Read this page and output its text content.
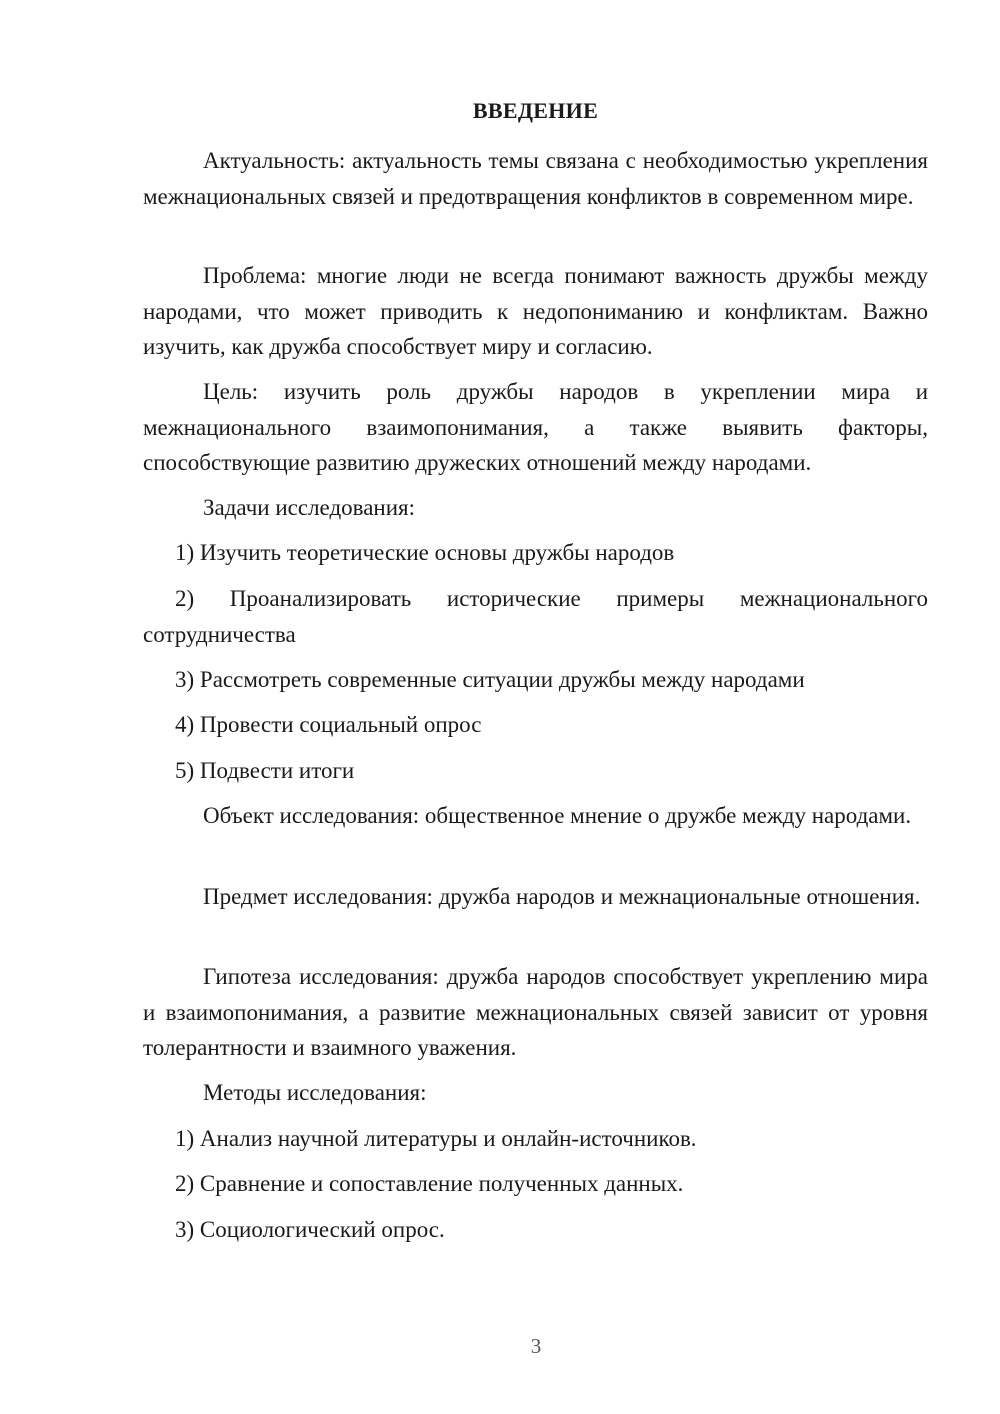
ВВЕДЕНИЕ

Актуальность: актуальность темы связана с необходимостью укрепления межнациональных связей и предотвращения конфликтов в современном мире.

Проблема: многие люди не всегда понимают важность дружбы между народами, что может приводить к недопониманию и конфликтам. Важно изучить, как дружба способствует миру и согласию.

Цель: изучить роль дружбы народов в укреплении мира и межнационального взаимопонимания, а также выявить факторы, способствующие развитию дружеских отношений между народами.

Задачи исследования:

1) Изучить теоретические основы дружбы народов

2) Проанализировать исторические примеры межнационального сотрудничества

3) Рассмотреть современные ситуации дружбы между народами

4) Провести социальный опрос

5) Подвести итоги

Объект исследования: общественное мнение о дружбе между народами.

Предмет исследования: дружба народов и межнациональные отношения.

Гипотеза исследования: дружба народов способствует укреплению мира и взаимопонимания, а развитие межнациональных связей зависит от уровня толерантности и взаимного уважения.

Методы исследования:

1) Анализ научной литературы и онлайн-источников.

2) Сравнение и сопоставление полученных данных.

3) Социологический опрос.

3
